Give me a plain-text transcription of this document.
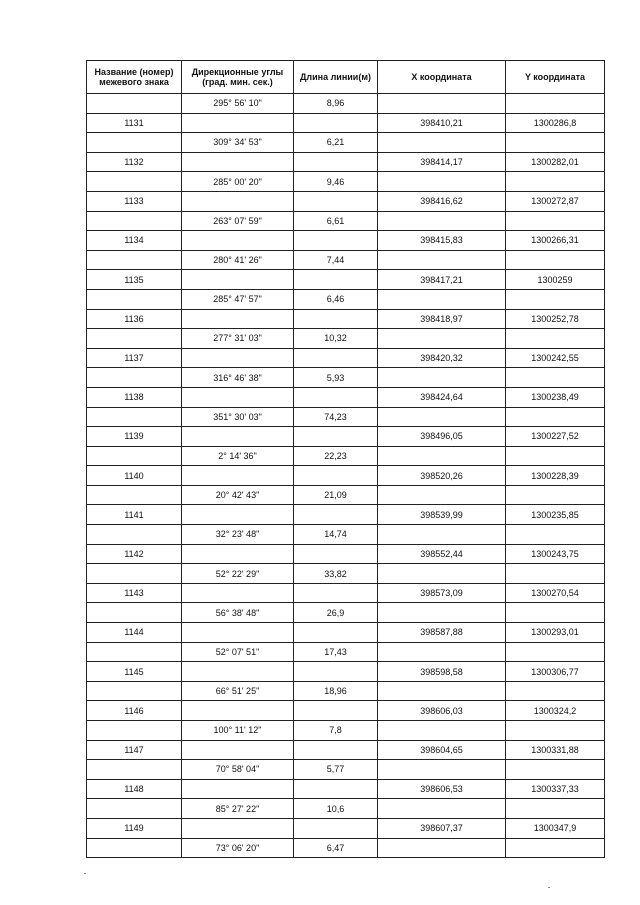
Название (номер) межевого знака	Дирекционные углы (град. мин. сек.)	Длина линии(м)	X координата	Y координата
	295° 56' 10"	8,96		
1131			398410,21	1300286,8
	309° 34' 53"	6,21		
1132			398414,17	1300282,01
	285° 00' 20"	9,46		
1133			398416,62	1300272,87
	263° 07' 59"	6,61		
1134			398415,83	1300266,31
	280° 41' 26"	7,44		
1135			398417,21	1300259
	285° 47' 57"	6,46		
1136			398418,97	1300252,78
	277° 31' 03"	10,32		
1137			398420,32	1300242,55
	316° 46' 38"	5,93		
1138			398424,64	1300238,49
	351° 30' 03"	74,23		
1139			398496,05	1300227,52
	2° 14' 36"	22,23		
1140			398520,26	1300228,39
	20° 42' 43"	21,09		
1141			398539,99	1300235,85
	32° 23' 48"	14,74		
1142			398552,44	1300243,75
	52° 22' 29"	33,82		
1143			398573,09	1300270,54
	56° 38' 48"	26,9		
1144			398587,88	1300293,01
	52° 07' 51"	17,43		
1145			398598,58	1300306,77
	66° 51' 25"	18,96		
1146			398606,03	1300324,2
	100° 11' 12"	7,8		
1147			398604,65	1300331,88
	70° 58' 04"	5,77		
1148			398606,53	1300337,33
	85° 27' 22"	10,6		
1149			398607,37	1300347,9
	73° 06' 20"	6,47		
